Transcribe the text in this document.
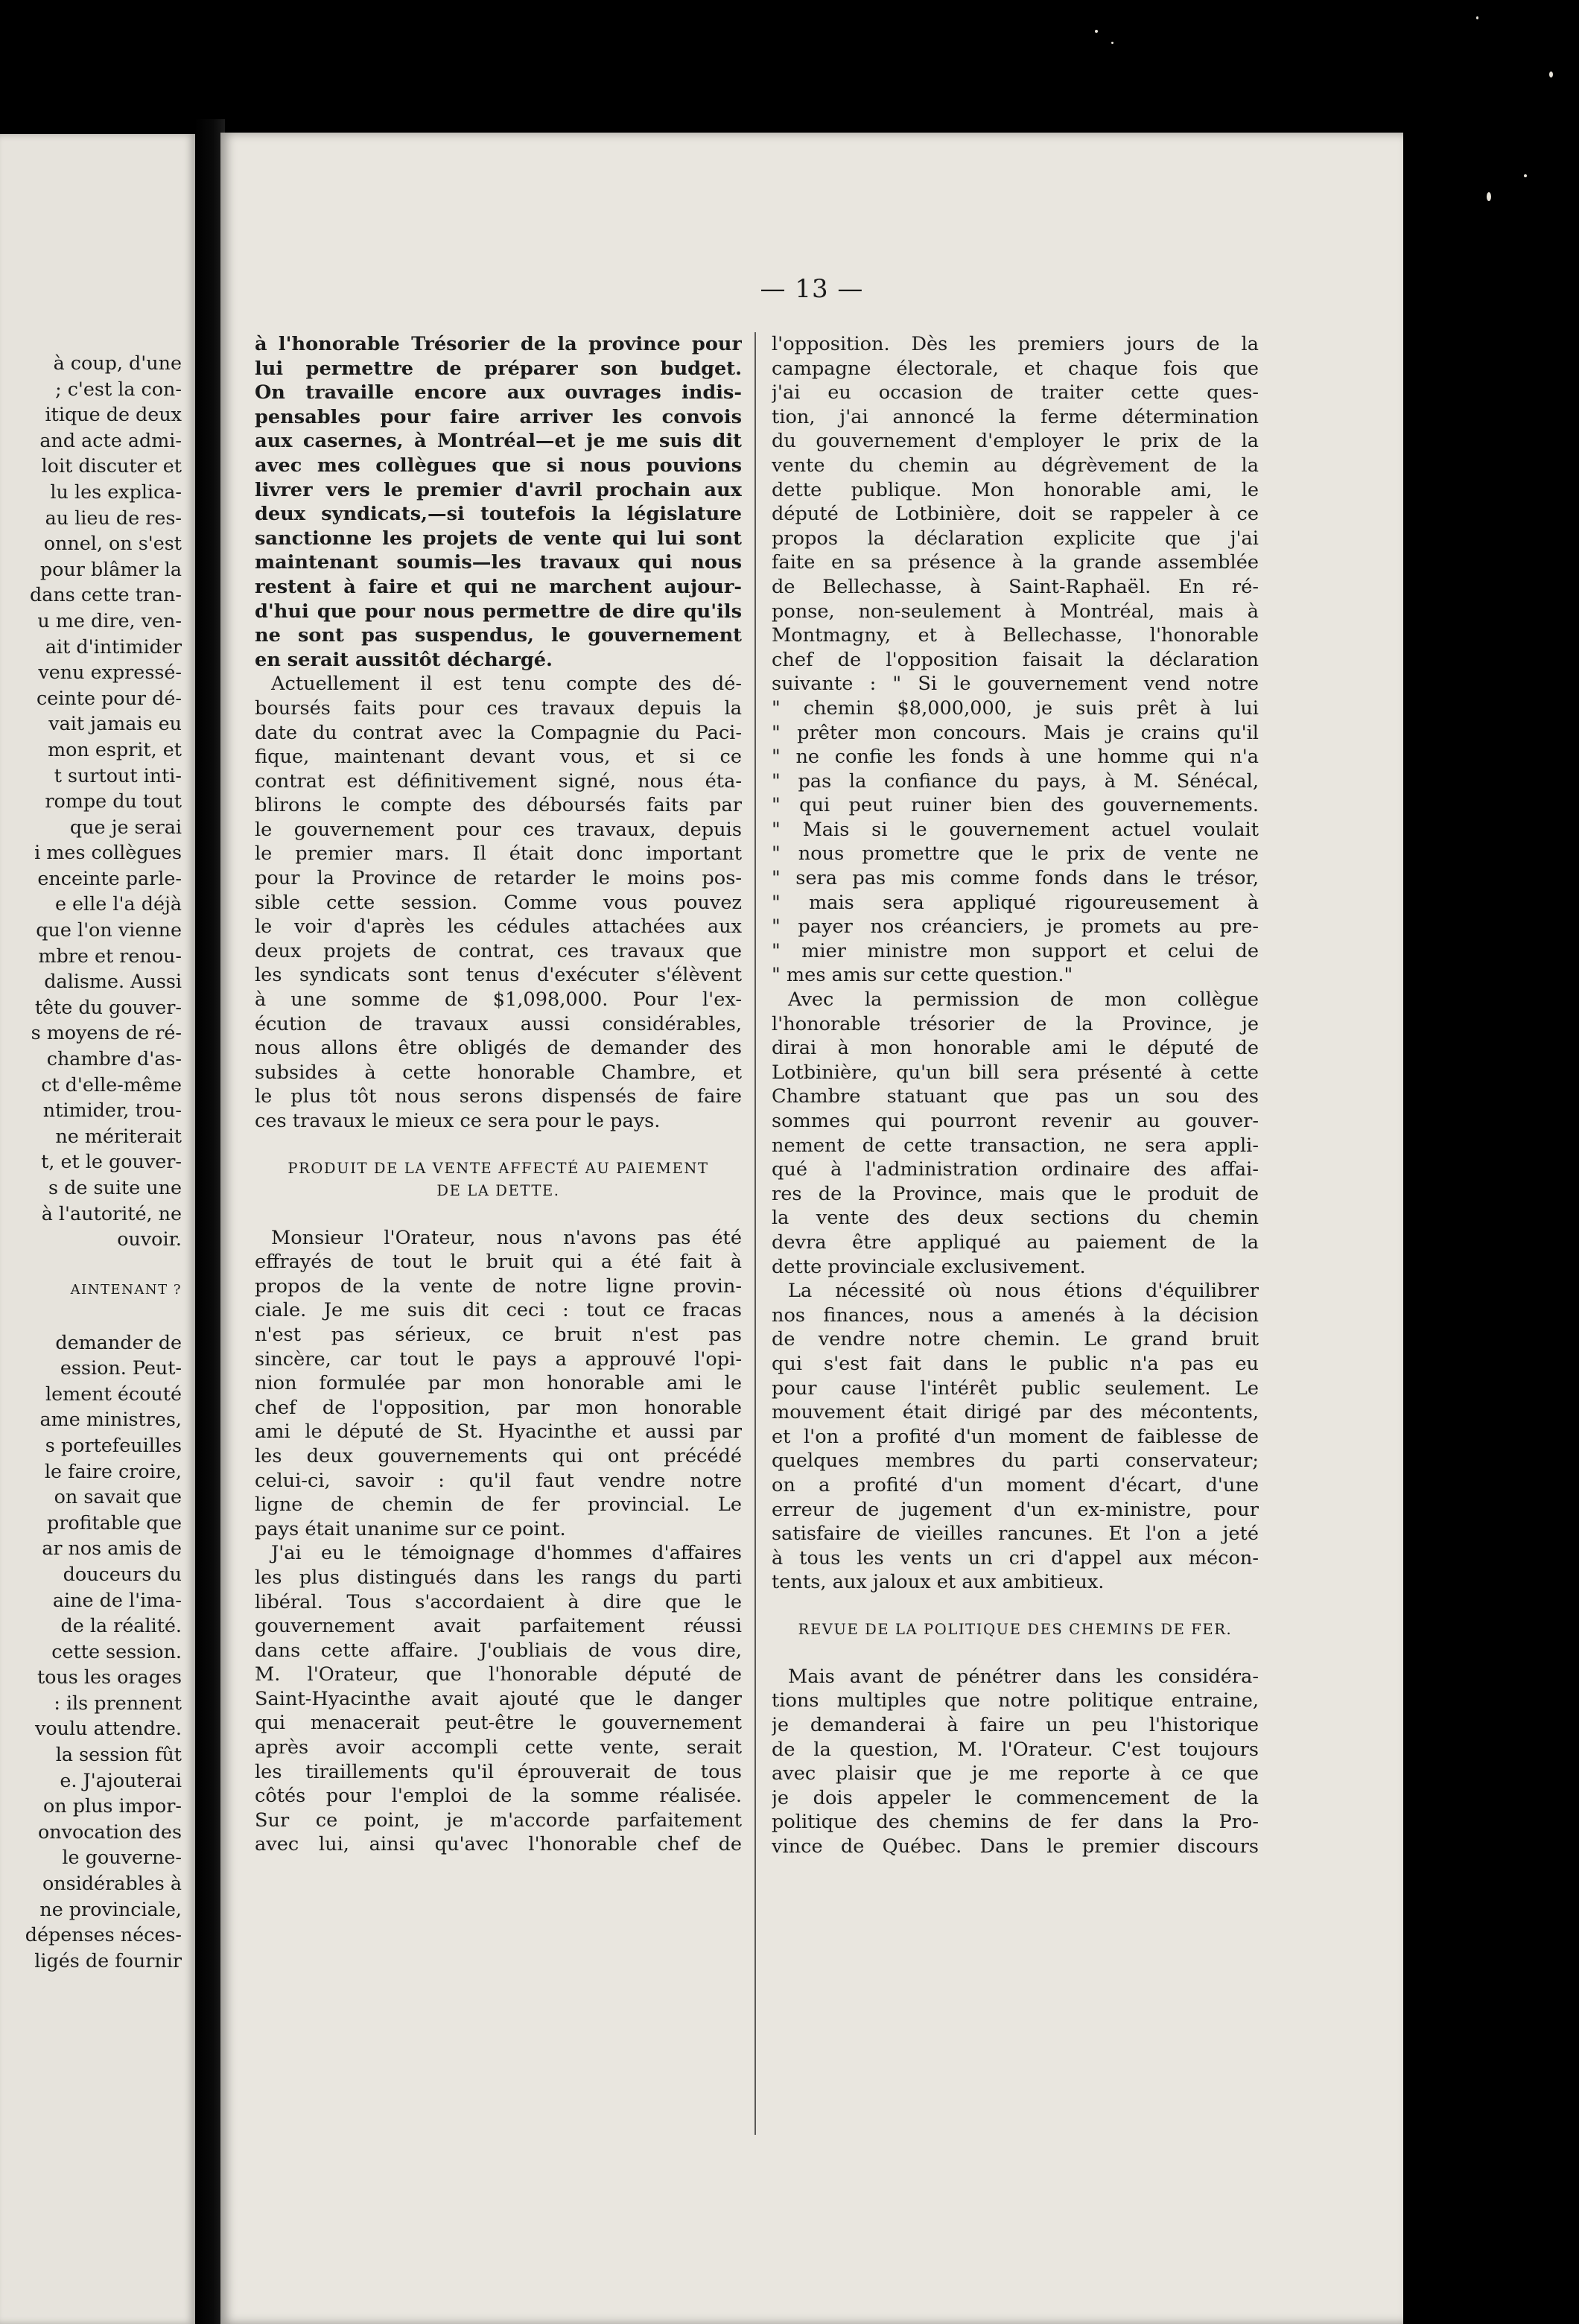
à coup, d'une
; c'est la con-
itique de deux
and acte admi-
loit discuter et
lu les explica-
au lieu de res-
onnel, on s'est
pour blâmer la
dans cette tran-
u me dire, ven-
ait d'intimider
venu expressé-
ceinte pour dé-
vait jamais eu
mon esprit, et
t surtout inti-
rompe du tout
que je serai
i mes collègues
enceinte parle-
e elle l'a déjà
que l'on vienne
mbre et renou-
dalisme. Aussi
tête du gouver-
s moyens de ré-
chambre d'as-
ct d'elle-même
ntimider, trou-
ne mériterait
t, et le gouver-
s de suite une
à l'autorité, ne
ouvoir.
AINTENANT ?
demander de
ession. Peut-
lement écouté
ame ministres,
s portefeuilles
le faire croire,
on savait que
profitable que
ar nos amis de
douceurs du
aine de l'ima-
de la réalité.
cette session.
tous les orages
: ils prennent
voulu attendre.
la session fût
e. J'ajouterai
on plus impor-
onvocation des
le gouverne-
onsidérables à
ne provinciale,
dépenses néces-
ligés de fournir
— 13 —
à l'honorable Trésorier de la province pour
lui permettre de préparer son budget.
On travaille encore aux ouvrages indis-
pensables pour faire arriver les convois
aux casernes, à Montréal—et je me suis dit
avec mes collègues que si nous pouvions
livrer vers le premier d'avril prochain aux
deux syndicats,—si toutefois la législature
sanctionne les projets de vente qui lui sont
maintenant soumis—les travaux qui nous
restent à faire et qui ne marchent aujour-
d'hui que pour nous permettre de dire qu'ils
ne sont pas suspendus, le gouvernement
en serait aussitôt déchargé.
Actuellement il est tenu compte des dé-
boursés faits pour ces travaux depuis la
date du contrat avec la Compagnie du Paci-
fique, maintenant devant vous, et si ce
contrat est définitivement signé, nous éta-
blirons le compte des déboursés faits par
le gouvernement pour ces travaux, depuis
le premier mars. Il était donc important
pour la Province de retarder le moins pos-
sible cette session. Comme vous pouvez
le voir d'après les cédules attachées aux
deux projets de contrat, ces travaux que
les syndicats sont tenus d'exécuter s'élèvent
à une somme de $1,098,000. Pour l'ex-
écution de travaux aussi considérables,
nous allons être obligés de demander des
subsides à cette honorable Chambre, et
le plus tôt nous serons dispensés de faire
ces travaux le mieux ce sera pour le pays.
PRODUIT DE LA VENTE AFFECTÉ AU PAIEMENT
DE LA DETTE.
Monsieur l'Orateur, nous n'avons pas été
effrayés de tout le bruit qui a été fait à
propos de la vente de notre ligne provin-
ciale. Je me suis dit ceci : tout ce fracas
n'est pas sérieux, ce bruit n'est pas
sincère, car tout le pays a approuvé l'opi-
nion formulée par mon honorable ami le
chef de l'opposition, par mon honorable
ami le député de St. Hyacinthe et aussi par
les deux gouvernements qui ont précédé
celui-ci, savoir : qu'il faut vendre notre
ligne de chemin de fer provincial. Le
pays était unanime sur ce point.
J'ai eu le témoignage d'hommes d'affaires
les plus distingués dans les rangs du parti
libéral. Tous s'accordaient à dire que le
gouvernement avait parfaitement réussi
dans cette affaire. J'oubliais de vous dire,
M. l'Orateur, que l'honorable député de
Saint-Hyacinthe avait ajouté que le danger
qui menacerait peut-être le gouvernement
après avoir accompli cette vente, serait
les tiraillements qu'il éprouverait de tous
côtés pour l'emploi de la somme réalisée.
Sur ce point, je m'accorde parfaitement
avec lui, ainsi qu'avec l'honorable chef de
l'opposition. Dès les premiers jours de la
campagne électorale, et chaque fois que
j'ai eu occasion de traiter cette ques-
tion, j'ai annoncé la ferme détermination
du gouvernement d'employer le prix de la
vente du chemin au dégrèvement de la
dette publique. Mon honorable ami, le
député de Lotbinière, doit se rappeler à ce
propos la déclaration explicite que j'ai
faite en sa présence à la grande assemblée
de Bellechasse, à Saint-Raphaël. En ré-
ponse, non-seulement à Montréal, mais à
Montmagny, et à Bellechasse, l'honorable
chef de l'opposition faisait la déclaration
suivante : " Si le gouvernement vend notre
" chemin $8,000,000, je suis prêt à lui
" prêter mon concours. Mais je crains qu'il
" ne confie les fonds à une homme qui n'a
" pas la confiance du pays, à M. Sénécal,
" qui peut ruiner bien des gouvernements.
" Mais si le gouvernement actuel voulait
" nous promettre que le prix de vente ne
" sera pas mis comme fonds dans le trésor,
" mais sera appliqué rigoureusement à
" payer nos créanciers, je promets au pre-
" mier ministre mon support et celui de
" mes amis sur cette question."
Avec la permission de mon collègue
l'honorable trésorier de la Province, je
dirai à mon honorable ami le député de
Lotbinière, qu'un bill sera présenté à cette
Chambre statuant que pas un sou des
sommes qui pourront revenir au gouver-
nement de cette transaction, ne sera appli-
qué à l'administration ordinaire des affai-
res de la Province, mais que le produit de
la vente des deux sections du chemin
devra être appliqué au paiement de la
dette provinciale exclusivement.
La nécessité où nous étions d'équilibrer
nos finances, nous a amenés à la décision
de vendre notre chemin. Le grand bruit
qui s'est fait dans le public n'a pas eu
pour cause l'intérêt public seulement. Le
mouvement était dirigé par des mécontents,
et l'on a profité d'un moment de faiblesse de
quelques membres du parti conservateur;
on a profité d'un moment d'écart, d'une
erreur de jugement d'un ex-ministre, pour
satisfaire de vieilles rancunes. Et l'on a jeté
à tous les vents un cri d'appel aux mécon-
tents, aux jaloux et aux ambitieux.
REVUE DE LA POLITIQUE DES CHEMINS DE FER.
Mais avant de pénétrer dans les considéra-
tions multiples que notre politique entraine,
je demanderai à faire un peu l'historique
de la question, M. l'Orateur. C'est toujours
avec plaisir que je me reporte à ce que
je dois appeler le commencement de la
politique des chemins de fer dans la Pro-
vince de Québec. Dans le premier discours
